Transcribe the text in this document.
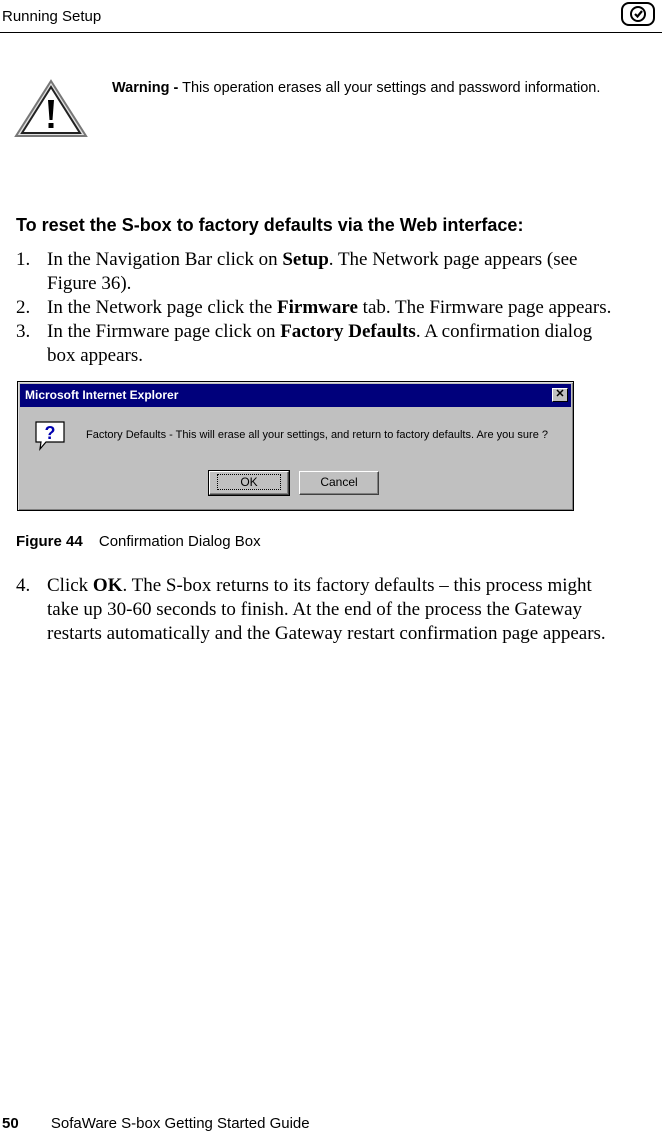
Running Setup
Warning - This operation erases all your settings and password information.
To reset the S-box to factory defaults via the Web interface:
1. In the Navigation Bar click on Setup. The Network page appears (see
Figure 36).
2. In the Network page click the Firmware tab. The Firmware page appears.
3. In the Firmware page click on Factory Defaults. A confirmation dialog
box appears.
Microsoft Internet Explorer	✕
?	Factory Defaults - This will erase all your settings, and return to factory defaults. Are you sure ?
OK	Cancel
Figure 44 Confirmation Dialog Box
4. Click OK. The S-box returns to its factory defaults – this process might
take up 30-60 seconds to finish. At the end of the process the Gateway
restarts automatically and the Gateway restart confirmation page appears.
50 SofaWare S-box Getting Started Guide
